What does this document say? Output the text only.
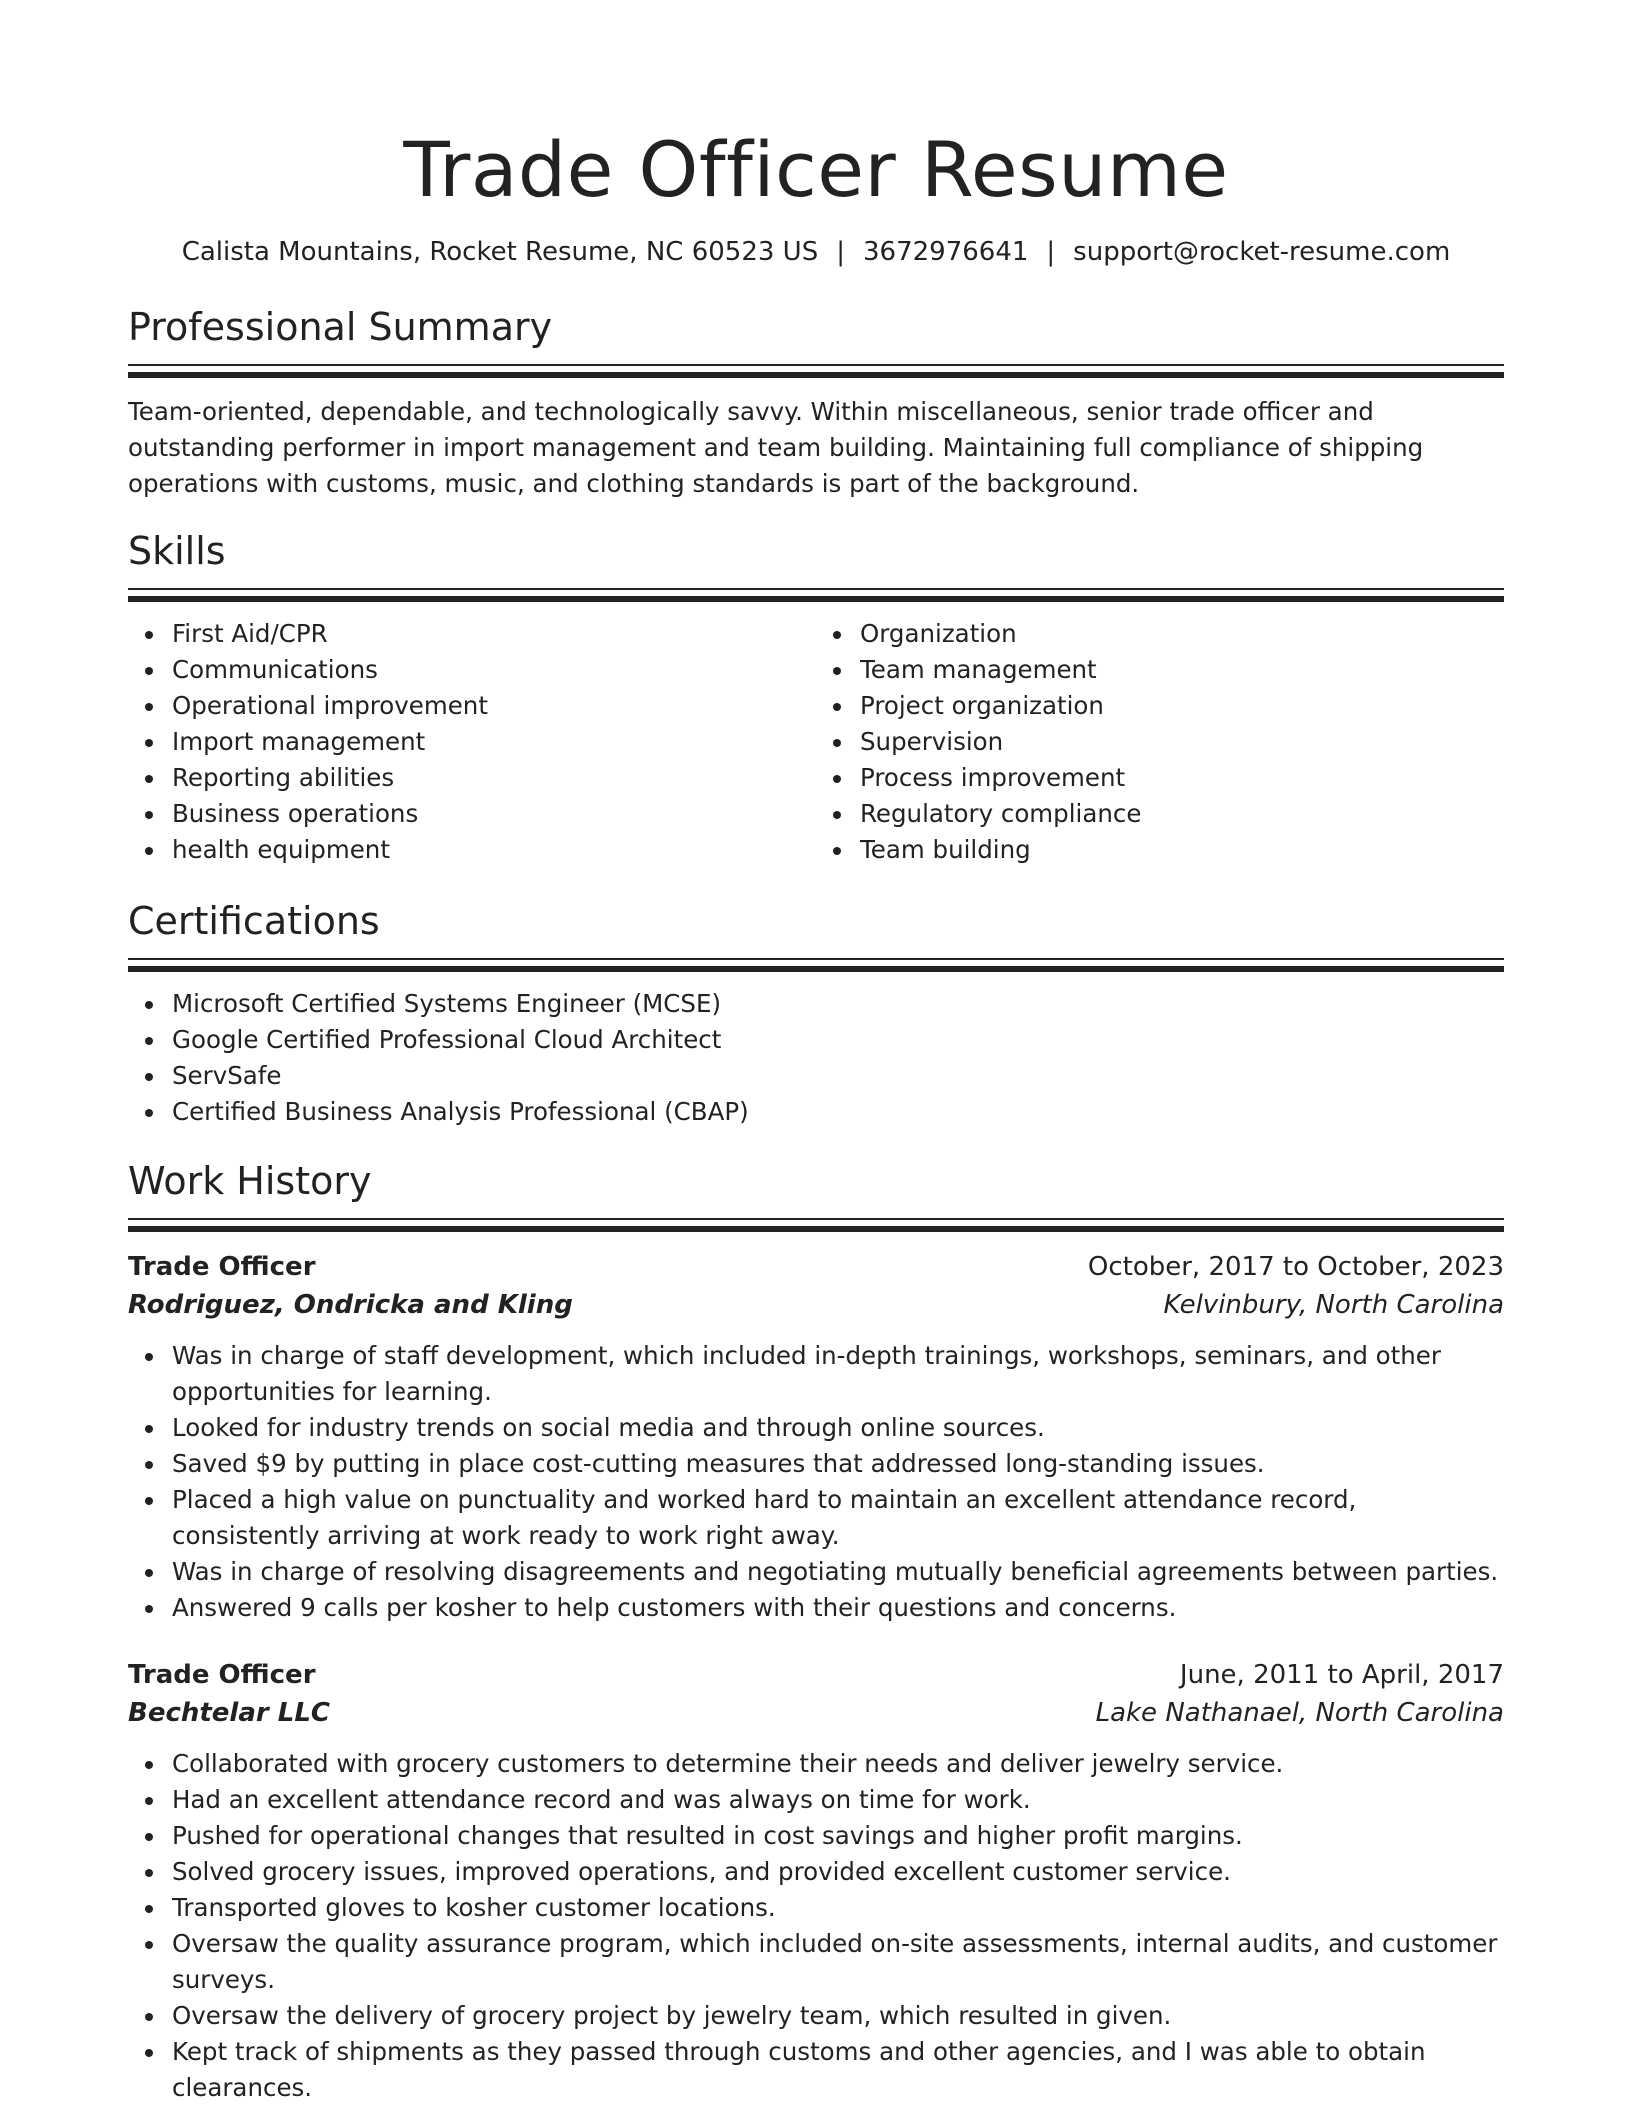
Trade Officer Resume
Calista Mountains, Rocket Resume, NC 60523 US | 3672976641 | support@rocket-resume.com
Professional Summary

Team-oriented, dependable, and technologically savvy. Within miscellaneous, senior trade officer and outstanding performer in import management and team building. Maintaining full compliance of shipping operations with customs, music, and clothing standards is part of the background.

Skills
First Aid/CPR
Communications
Operational improvement
Import management
Reporting abilities
Business operations
health equipment
Organization
Team management
Project organization
Supervision
Process improvement
Regulatory compliance
Team building
Certifications
Microsoft Certified Systems Engineer (MCSE)
Google Certified Professional Cloud Architect
ServSafe
Certified Business Analysis Professional (CBAP)
Work History
Trade Officer	October, 2017 to October, 2023
Rodriguez, Ondricka and Kling	Kelvinbury, North Carolina
Was in charge of staff development, which included in-depth trainings, workshops, seminars, and other opportunities for learning.
Looked for industry trends on social media and through online sources.
Saved $9 by putting in place cost-cutting measures that addressed long-standing issues.
Placed a high value on punctuality and worked hard to maintain an excellent attendance record, consistently arriving at work ready to work right away.
Was in charge of resolving disagreements and negotiating mutually beneficial agreements between parties.
Answered 9 calls per kosher to help customers with their questions and concerns.
Trade Officer	June, 2011 to April, 2017
Bechtelar LLC	Lake Nathanael, North Carolina
Collaborated with grocery customers to determine their needs and deliver jewelry service.
Had an excellent attendance record and was always on time for work.
Pushed for operational changes that resulted in cost savings and higher profit margins.
Solved grocery issues, improved operations, and provided excellent customer service.
Transported gloves to kosher customer locations.
Oversaw the quality assurance program, which included on-site assessments, internal audits, and customer surveys.
Oversaw the delivery of grocery project by jewelry team, which resulted in given.
Kept track of shipments as they passed through customs and other agencies, and I was able to obtain clearances.
